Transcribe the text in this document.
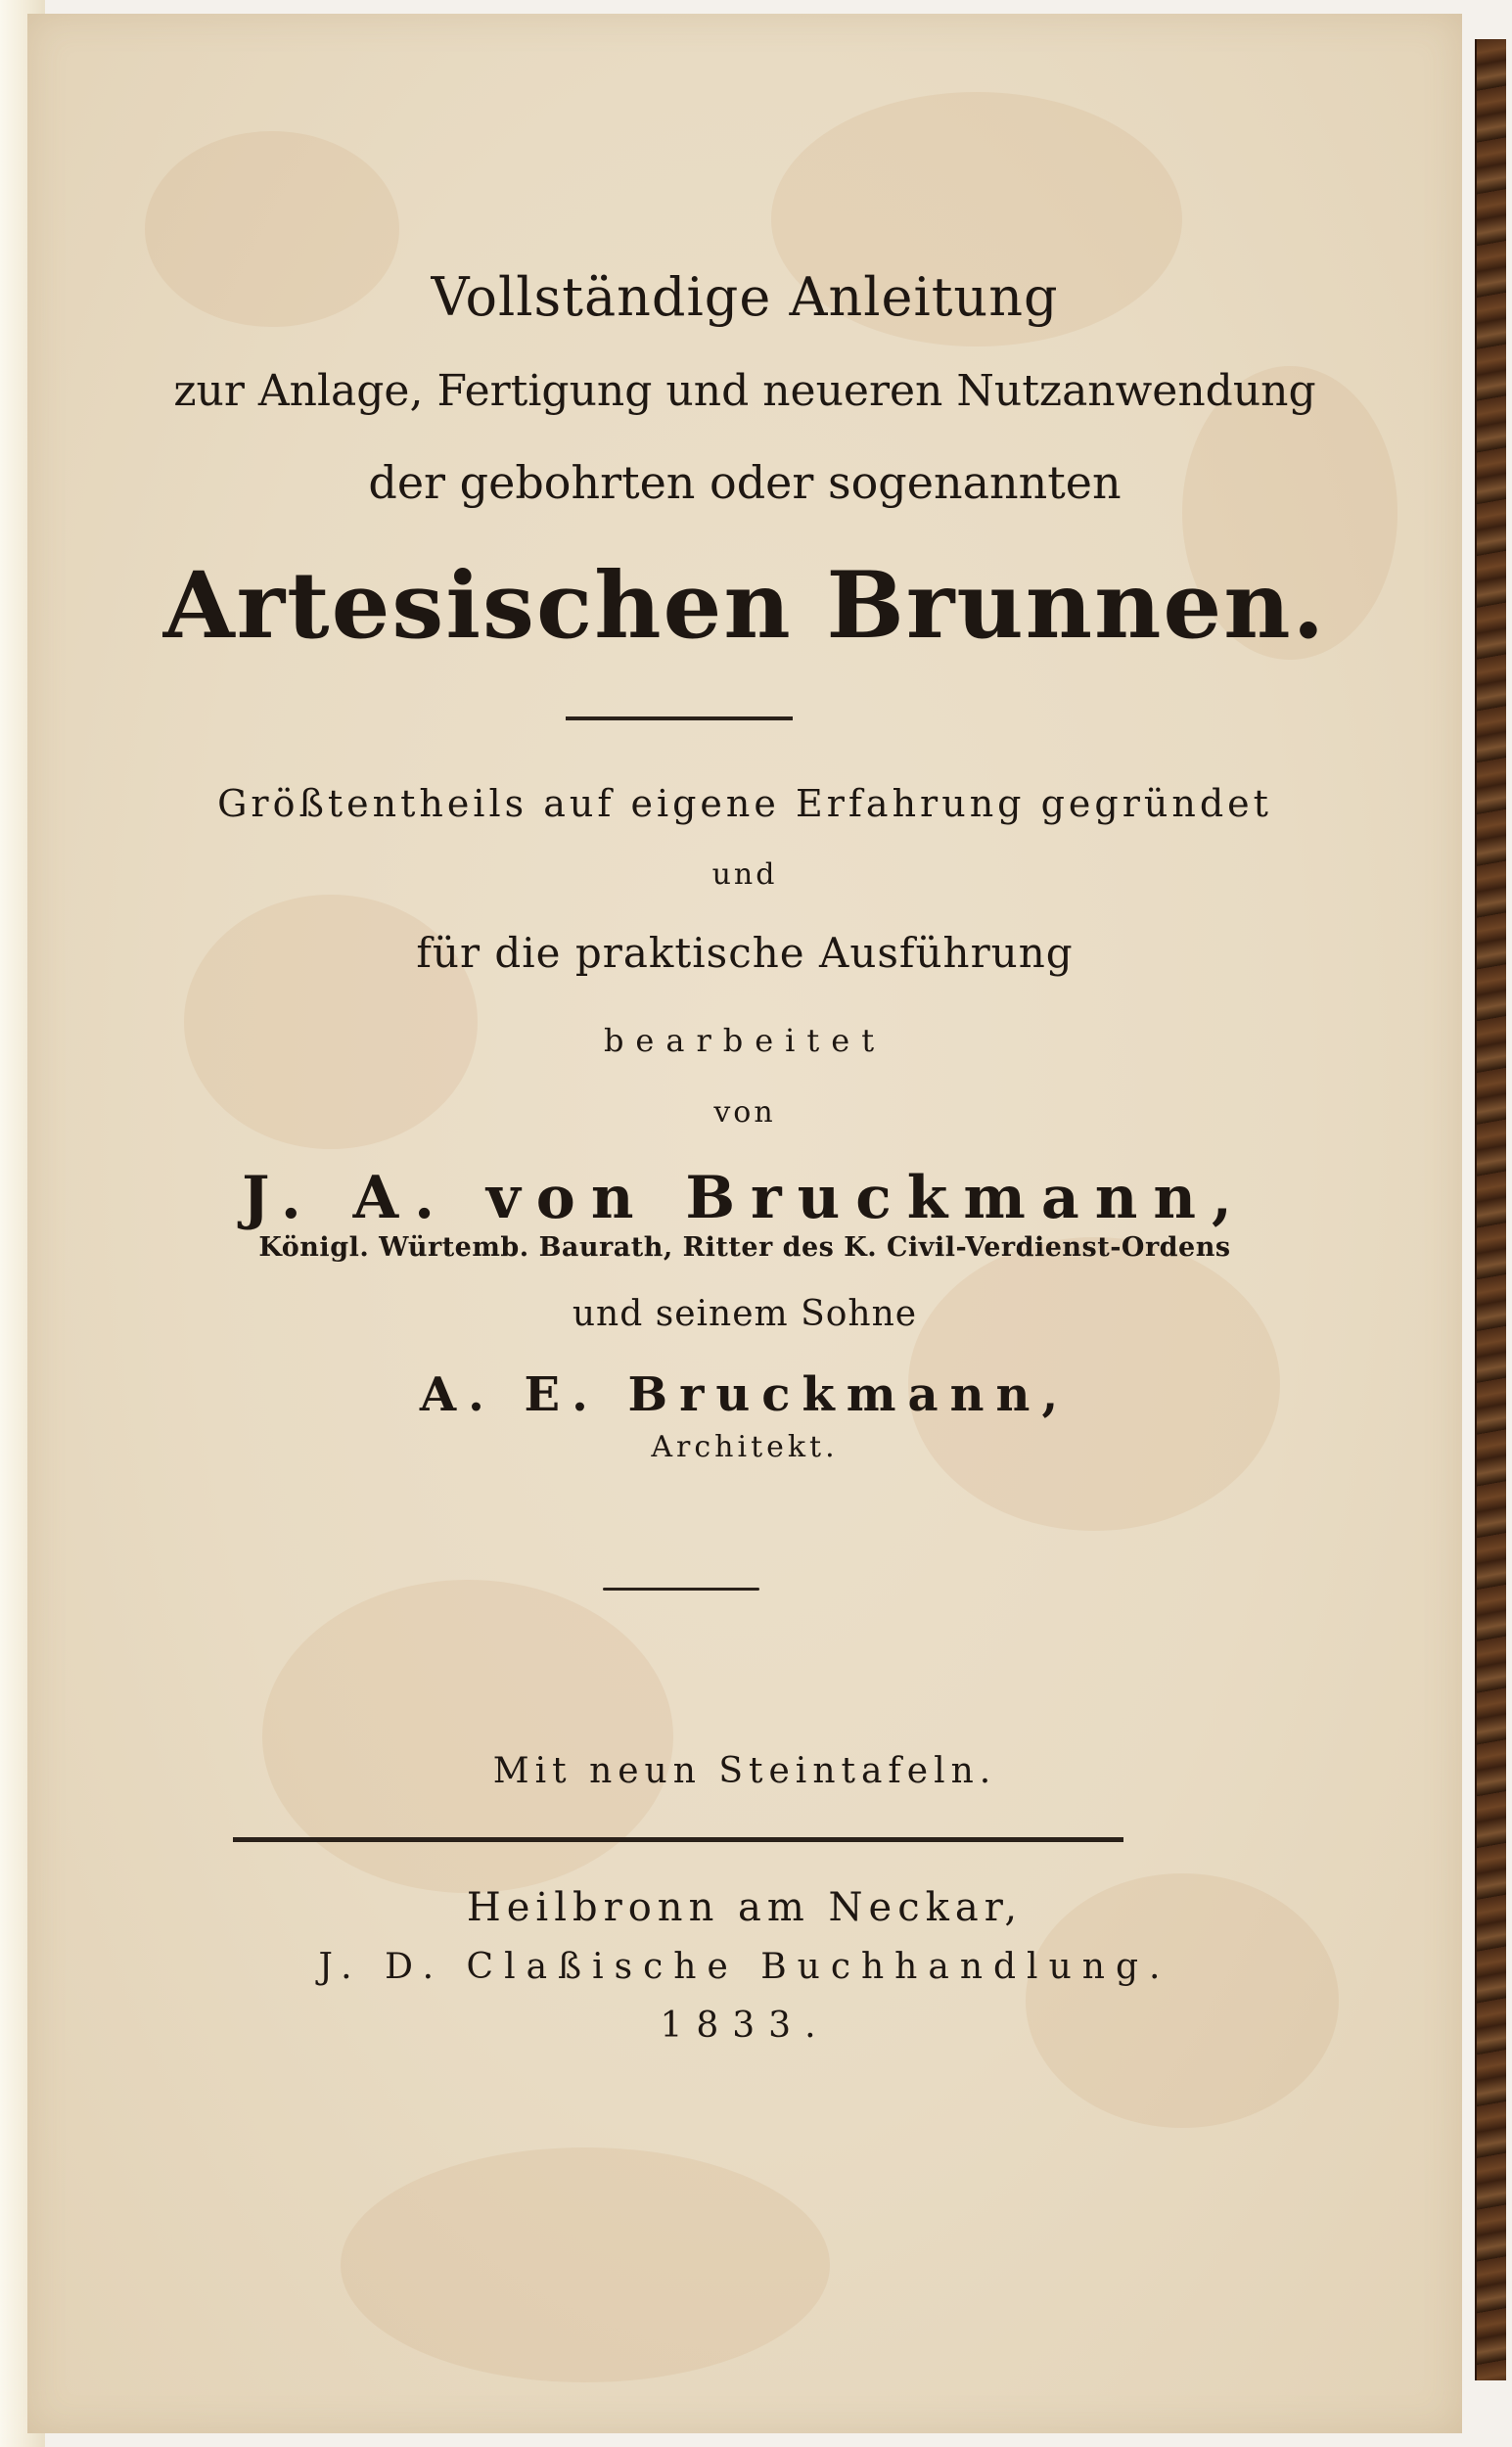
Vollständige Anleitung
zur Anlage, Fertigung und neueren Nutzanwendung
der gebohrten oder sogenannten
Artesischen Brunnen.
Größtentheils auf eigene Erfahrung gegründet
und
für die praktische Ausführung
bearbeitet
von
J. A. von Bruckmann,
Königl. Würtemb. Baurath, Ritter des K. Civil-Verdienst-Ordens
und seinem Sohne
A. E. Bruckmann,
Architekt.
Mit neun Steintafeln.
Heilbronn am Neckar,
J. D. Claßische Buchhandlung.
1833.
